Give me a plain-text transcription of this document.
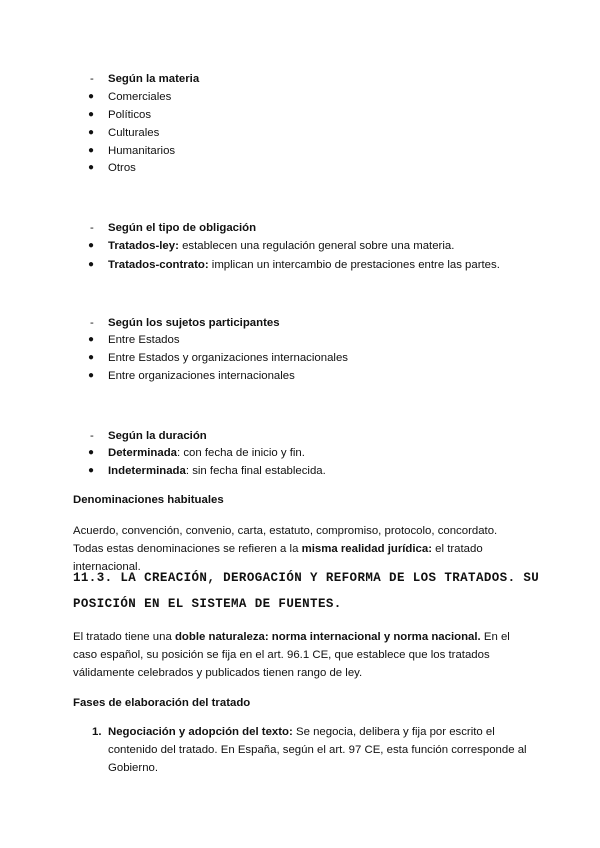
-	Según la materia
● Comerciales
● Políticos
● Culturales
● Humanitarios
● Otros
-	Según el tipo de obligación
● Tratados-ley: establecen una regulación general sobre una materia.
● Tratados-contrato: implican un intercambio de prestaciones entre las partes.
-	Según los sujetos participantes
● Entre Estados
● Entre Estados y organizaciones internacionales
● Entre organizaciones internacionales
-	Según la duración
● Determinada: con fecha de inicio y fin.
● Indeterminada: sin fecha final establecida.
Denominaciones habituales
Acuerdo, convención, convenio, carta, estatuto, compromiso, protocolo, concordato. Todas estas denominaciones se refieren a la misma realidad jurídica: el tratado internacional.
11.3. LA CREACIÓN, DEROGACIÓN Y REFORMA DE LOS TRATADOS. SU POSICIÓN EN EL SISTEMA DE FUENTES.
El tratado tiene una doble naturaleza: norma internacional y norma nacional. En el caso español, su posición se fija en el art. 96.1 CE, que establece que los tratados válidamente celebrados y publicados tienen rango de ley.
Fases de elaboración del tratado
1. Negociación y adopción del texto: Se negocia, delibera y fija por escrito el contenido del tratado. En España, según el art. 97 CE, esta función corresponde al Gobierno.
